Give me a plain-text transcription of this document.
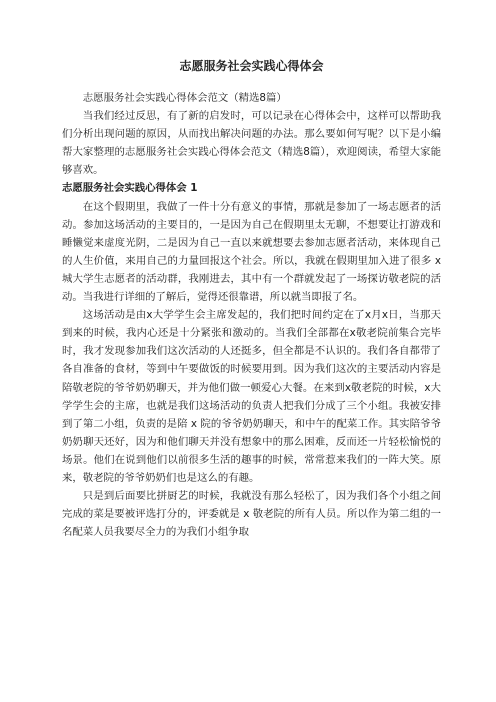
志愿服务社会实践心得体会

志愿服务社会实践心得体会范文（精选8篇）

当我们经过反思，有了新的启发时，可以记录在心得体会中，这样可以帮助我们分析出现问题的原因，从而找出解决问题的办法。那么要如何写呢？以下是小编帮大家整理的志愿服务社会实践心得体会范文（精选8篇），欢迎阅读，希望大家能够喜欢。

志愿服务社会实践心得体会 1

在这个假期里，我做了一件十分有意义的事情，那就是参加了一场志愿者的活动。参加这场活动的主要目的，一是因为自己在假期里太无聊，不想要让打游戏和睡懒觉来虚度光阴，二是因为自己一直以来就想要去参加志愿者活动，来体现自己的人生价值，来用自己的力量回报这个社会。所以，我就在假期里加入进了很多 x 城大学生志愿者的活动群，我刚进去，其中有一个群就发起了一场探访敬老院的活动。当我进行详细的了解后，觉得还很靠谱，所以就当即报了名。

这场活动是由x大学学生会主席发起的，我们把时间约定在了x月x日，当那天到来的时候，我内心还是十分紧张和激动的。当我们全部都在x敬老院前集合完毕时，我才发现参加我们这次活动的人还挺多，但全都是不认识的。我们各自都带了各自准备的食材，等到中午要做饭的时候要用到。因为我们这次的主要活动内容是陪敬老院的爷爷奶奶聊天，并为他们做一顿爱心大餐。在来到x敬老院的时候，x大学学生会的主席，也就是我们这场活动的负责人把我们分成了三个小组。我被安排到了第二小组，负责的是陪 x 院的爷爷奶奶聊天，和中午的配菜工作。其实陪爷爷奶奶聊天还好，因为和他们聊天并没有想象中的那么困难，反而还一片轻松愉悦的场景。他们在说到他们以前很多生活的趣事的时候，常常惹来我们的一阵大笑。原来，敬老院的爷爷奶奶们也是这么的有趣。

只是到后面要比拼厨艺的时候，我就没有那么轻松了，因为我们各个小组之间完成的菜是要被评选打分的，评委就是 x 敬老院的所有人员。所以作为第二组的一名配菜人员我要尽全力的为我们小组争取
